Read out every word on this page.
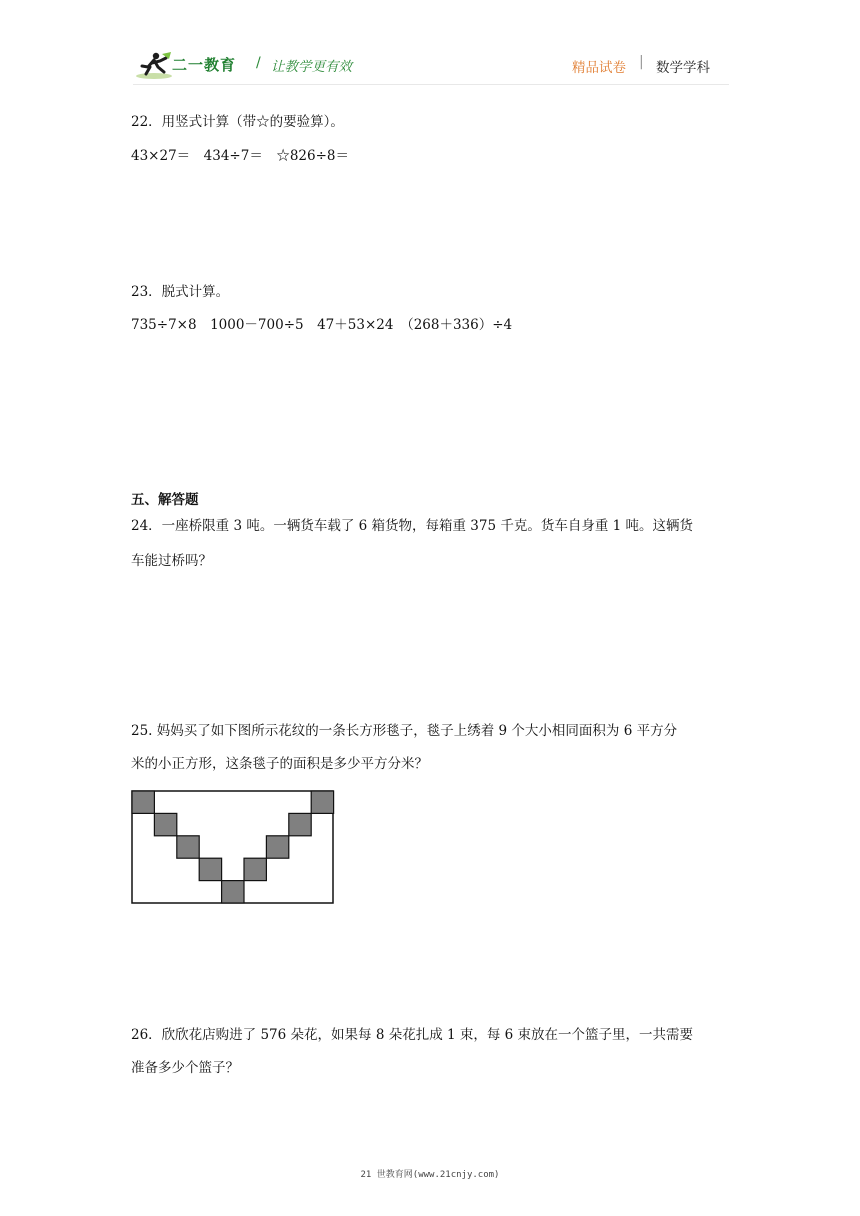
二一教育 / 让教学更有效	精品试卷 | 数学学科
22．用竖式计算（带☆的要验算）。
43×27＝　434÷7＝　☆826÷8＝
23．脱式计算。
735÷7×8　1000－700÷5　47＋53×24　（268＋336）÷4
五、解答题
24．一座桥限重 3 吨。一辆货车载了 6 箱货物，每箱重 375 千克。货车自身重 1 吨。这辆货
车能过桥吗？
25. 妈妈买了如下图所示花纹的一条长方形毯子，毯子上绣着 9 个大小相同面积为 6 平方分
米的小正方形，这条毯子的面积是多少平方分米？
26．欣欣花店购进了 576 朵花，如果每 8 朵花扎成 1 束，每 6 束放在一个篮子里，一共需要
准备多少个篮子？
21 世教育网(www.21cnjy.com)
